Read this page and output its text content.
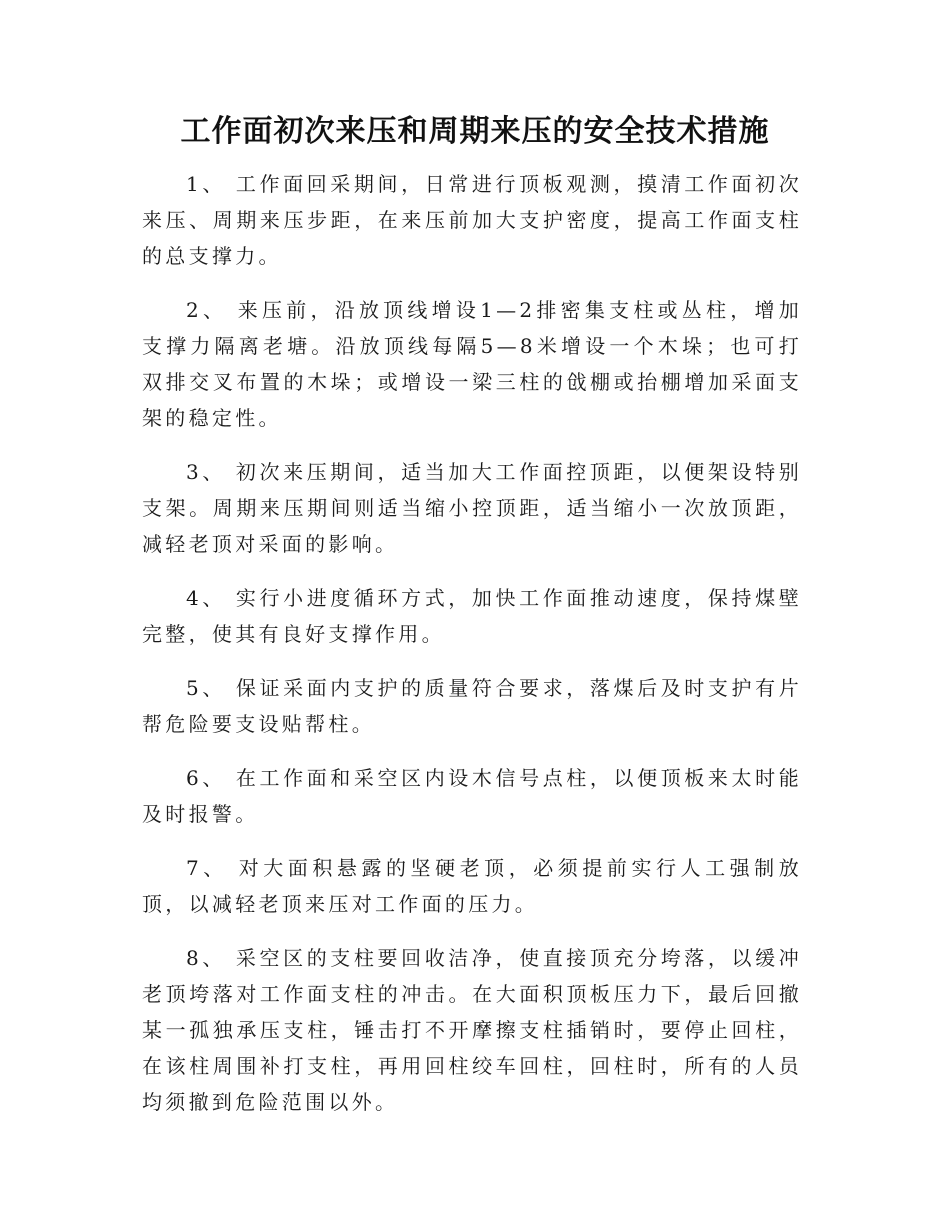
工作面初次来压和周期来压的安全技术措施

1、 工作面回采期间，日常进行顶板观测，摸清工作面初次来压、周期来压步距，在来压前加大支护密度，提高工作面支柱的总支撑力。

2、 来压前，沿放顶线增设1—2排密集支柱或丛柱，增加支撑力隔离老塘。沿放顶线每隔5—8米增设一个木垛；也可打双排交叉布置的木垛；或增设一梁三柱的戗棚或抬棚增加采面支架的稳定性。

3、 初次来压期间，适当加大工作面控顶距，以便架设特别支架。周期来压期间则适当缩小控顶距，适当缩小一次放顶距，减轻老顶对采面的影响。

4、 实行小进度循环方式，加快工作面推动速度，保持煤壁完整，使其有良好支撑作用。

5、 保证采面内支护的质量符合要求，落煤后及时支护有片帮危险要支设贴帮柱。

6、 在工作面和采空区内设木信号点柱，以便顶板来太时能及时报警。

7、 对大面积悬露的坚硬老顶，必须提前实行人工强制放顶，以减轻老顶来压对工作面的压力。

8、 采空区的支柱要回收洁净，使直接顶充分垮落，以缓冲老顶垮落对工作面支柱的冲击。在大面积顶板压力下，最后回撤某一孤独承压支柱，锤击打不开摩擦支柱插销时，要停止回柱，在该柱周围补打支柱，再用回柱绞车回柱，回柱时，所有的人员均须撤到危险范围以外。
